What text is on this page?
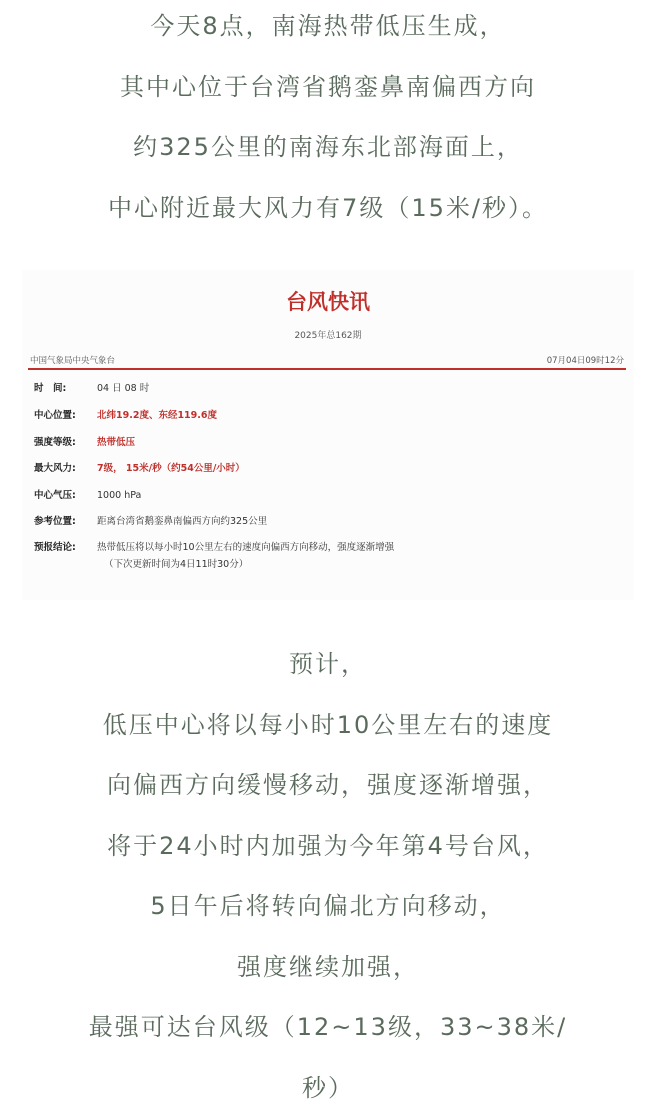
今天8点，南海热带低压生成，
其中心位于台湾省鹅銮鼻南偏西方向
约325公里的南海东北部海面上，
中心附近最大风力有7级（15米/秒）。
台风快讯
2025年总162期
中国气象局中央气象台	07月04日09时12分
时　间:	04 日 08 时
中心位置: 北纬19.2度、东经119.6度
强度等级: 热带低压
最大风力: 7级， 15米/秒（约54公里/小时）
中心气压: 1000 hPa
参考位置: 距离台湾省鹅銮鼻南偏西方向约325公里
预报结论: 热带低压将以每小时10公里左右的速度向偏西方向移动，强度逐渐增强
（下次更新时间为4日11时30分）
预计，
低压中心将以每小时10公里左右的速度
向偏西方向缓慢移动，强度逐渐增强，
将于24小时内加强为今年第4号台风，
5日午后将转向偏北方向移动，
强度继续加强，
最强可达台风级（12~13级，33~38米/
秒）
